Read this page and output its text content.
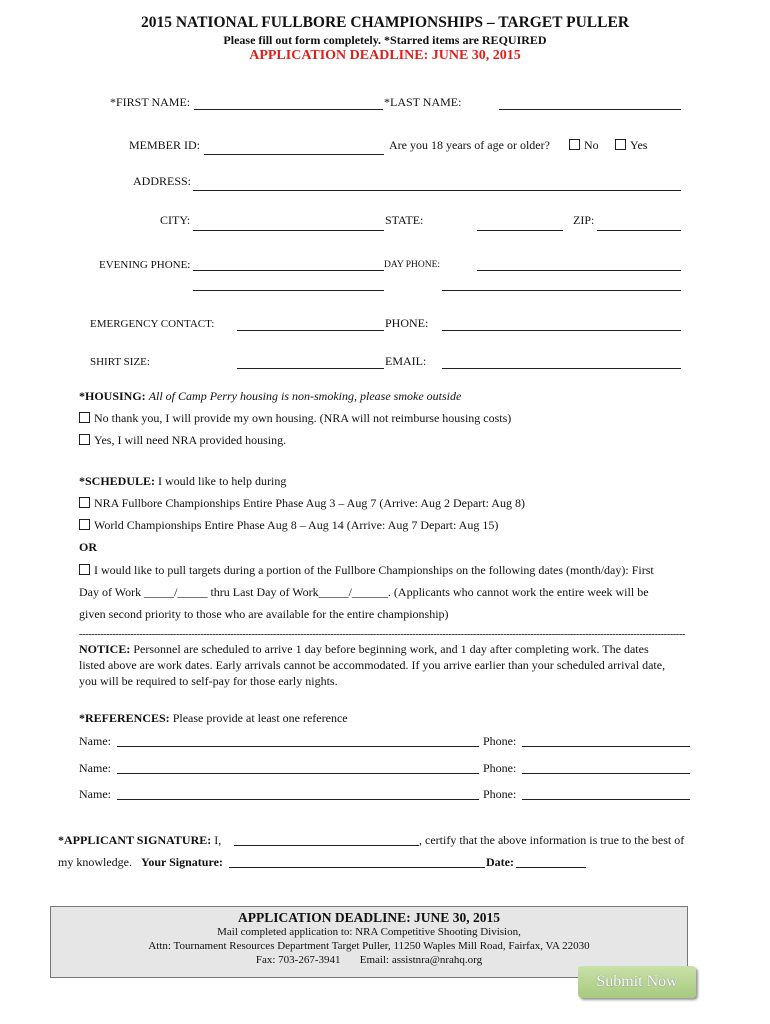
2015 NATIONAL FULLBORE CHAMPIONSHIPS – TARGET PULLER
Please fill out form completely. *Starred items are REQUIRED
APPLICATION DEADLINE: JUNE 30, 2015
*FIRST NAME:	*LAST NAME:
MEMBER ID:	Are you 18 years of age or older?	No	Yes
ADDRESS:
CITY:	STATE:	ZIP:
EVENING PHONE:	DAY PHONE:
EMERGENCY CONTACT:	PHONE:
SHIRT SIZE:	EMAIL:
*HOUSING: All of Camp Perry housing is non-smoking, please smoke outside
No thank you, I will provide my own housing. (NRA will not reimburse housing costs)
Yes, I will need NRA provided housing.
*SCHEDULE: I would like to help during
NRA Fullbore Championships Entire Phase Aug 3 – Aug 7 (Arrive: Aug 2 Depart: Aug 8)
World Championships Entire Phase Aug 8 – Aug 14 (Arrive: Aug 7 Depart: Aug 15)
OR
I would like to pull targets during a portion of the Fullbore Championships on the following dates (month/day): First
Day of Work _____/_____ thru Last Day of Work_____/______. (Applicants who cannot work the entire week will be
given second priority to those who are available for the entire championship)
--------------------------------------------------------------------------------------------------------------------------------------------------------------------------------------------------------
NOTICE: Personnel are scheduled to arrive 1 day before beginning work, and 1 day after completing work. The dates
listed above are work dates. Early arrivals cannot be accommodated. If you arrive earlier than your scheduled arrival date,
you will be required to self-pay for those early nights.
*REFERENCES: Please provide at least one reference
Name:	Phone:
Name:	Phone:
Name:	Phone:
*APPLICANT SIGNATURE: I,	, certify that the above information is true to the best of
my knowledge. Your Signature:	Date:
APPLICATION DEADLINE: JUNE 30, 2015
Mail completed application to: NRA Competitive Shooting Division,
Attn: Tournament Resources Department Target Puller, 11250 Waples Mill Road, Fairfax, VA 22030
Fax: 703-267-3941 Email: assistnra@nrahq.org
Submit Now
